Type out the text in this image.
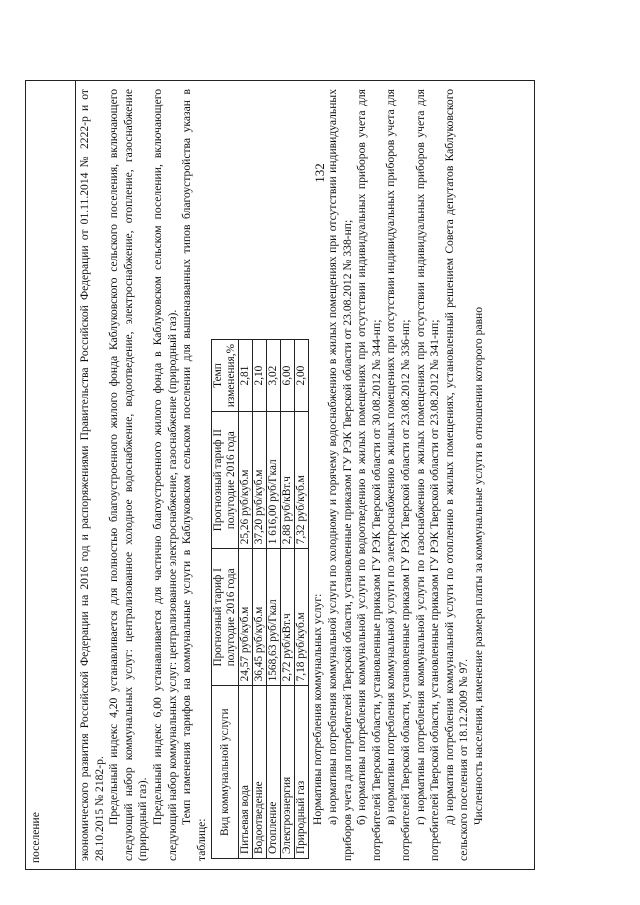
132
поселение	экономического развития Российской Федерации на 2016 год и распоряжениями Правительства Российской Федерации от 01.11.2014 № 2222-р и от 28.10.2015 № 2182-р. Предельный индекс 4,20 устанавливается для полностью благоустроенного жилого фонда Каблуковского сельского поселения, включающего следующий набор коммунальных услуг: централизованное холодное водоснабжение, водоотведение, электроснабжение, отопление, газоснабжение (природный газ). Предельный индекс 6,00 устанавливается для частично благоустроенного жилого фонда в Каблуковском сельском поселении, включающего следующий набор коммунальных услуг: централизованное электроснабжение, газоснабжение (природный газ). Темп изменения тарифов на коммунальные услуги в Каблуковском сельском поселении для вышеназванных типов благоустройства указан в таблице:

Вид коммунальной услуги	Прогнозный тариф I полугодие 2016 года	Прогнозный тариф II полугодие 2016 года	Темп изменения,%
Питьевая вода	24,57 руб/куб.м	25,26 руб/куб.м	2,81
Водоотведение	36,45 руб/куб.м	37,20 руб/куб.м	2,10
Отопление	1568,63 руб/Гкал	1 616,00 руб/Гкал	3,02
Электроэнергия	2,72 руб/кВт.ч	2,88 руб/кВт.ч	6,00
Природный газ	7,18 руб/куб.м	7,32 руб/куб.м	2,00

Нормативы потребления коммунальных услуг: а) нормативы потребления коммунальной услуги по холодному и горячему водоснабжению в жилых помещениях при отсутствии индивидуальных приборов учета для потребителей Тверской области, установленные приказом ГУ РЭК Тверской области от 23.08.2012 № 338-нп; б) нормативы потребления коммунальной услуги по водоотведению в жилых помещениях при отсутствии индивидуальных приборов учета для потребителей Тверской области, установленные приказом ГУ РЭК Тверской области от 30.08.2012 № 344-нп; в) нормативы потребления коммунальной услуги по электроснабжению в жилых помещениях при отсутствии индивидуальных приборов учета для потребителей Тверской области, установленные приказом ГУ РЭК Тверской области от 23.08.2012 № 336-нп; г) нормативы потребления коммунальной услуги по газоснабжению в жилых помещениях при отсутствии индивидуальных приборов учета для потребителей Тверской области, установленные приказом ГУ РЭК Тверской области от 23.08.2012 № 341-нп; д) норматив потребления коммунальной услуги по отоплению в жилых помещениях, установленный решением Совета депутатов Каблуковского сельского поселения от 18.12.2009 № 97. Численность населения, изменение размера платы за коммунальные услуги в отношении которого равно
